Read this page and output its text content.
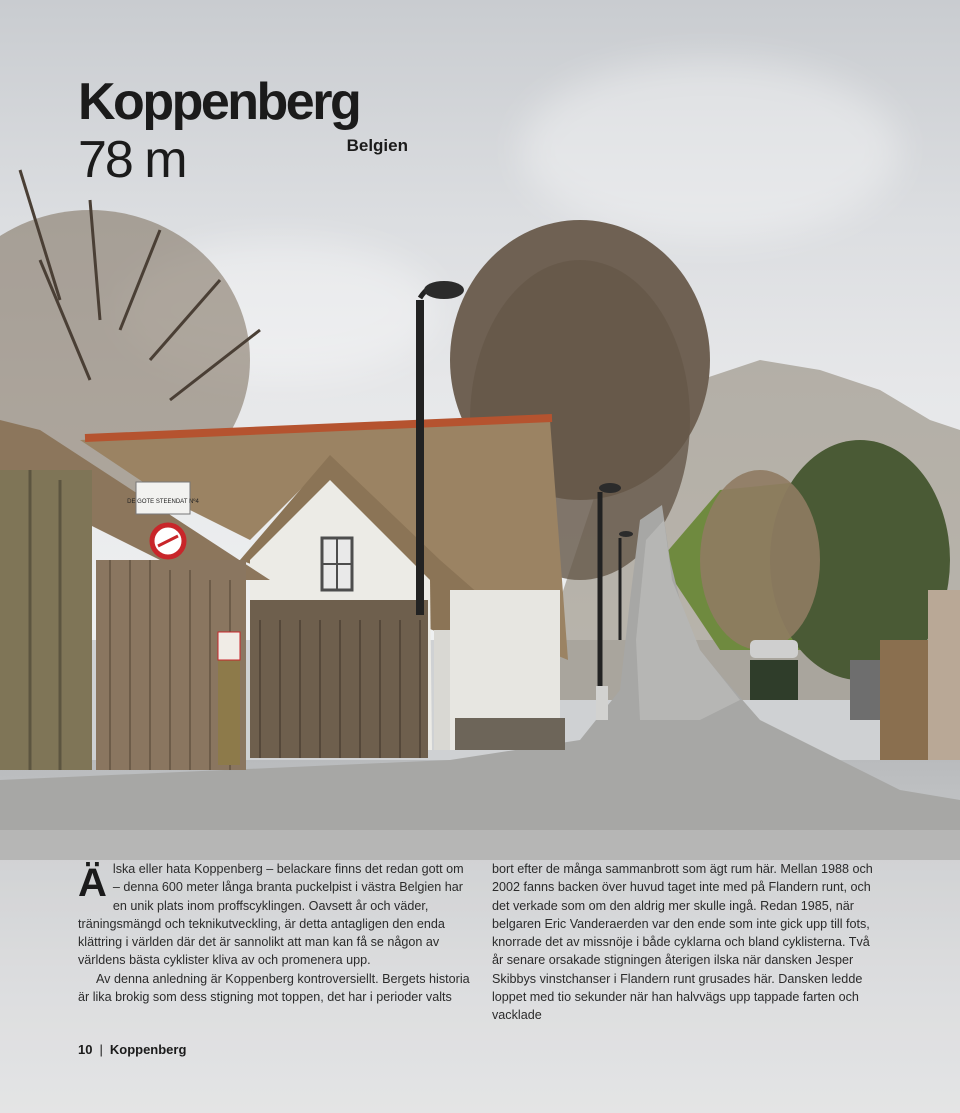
DE GOTE STEENDAT Nº4
Koppenberg
78 m	Belgien

Älska eller hata Koppenberg – belackare finns det redan gott om – denna 600 meter långa branta puckelpist i västra Belgien har en unik plats inom proffscyklingen. Oavsett år och väder, träningsmängd och teknikutveckling, är detta antagligen den enda klättring i världen där det är sannolikt att man kan få se någon av världens bästa cyklister kliva av och promenera upp.

Av denna anledning är Koppenberg kontroversiellt. Bergets historia är lika brokig som dess stigning mot toppen, det har i perioder valts

bort efter de många sammanbrott som ägt rum här. Mellan 1988 och 2002 fanns backen över huvud taget inte med på Flandern runt, och det verkade som om den aldrig mer skulle ingå. Redan 1985, när belgaren Eric Vanderaerden var den ende som inte gick upp till fots, knorrade det av missnöje i både cyklarna och bland cyklisterna. Två år senare orsakade stigningen återigen ilska när dansken Jesper Skibbys vinstchanser i Flandern runt grusades här. Dansken ledde loppet med tio sekunder när han halvvägs upp tappade farten och vacklade

10 | Koppenberg
